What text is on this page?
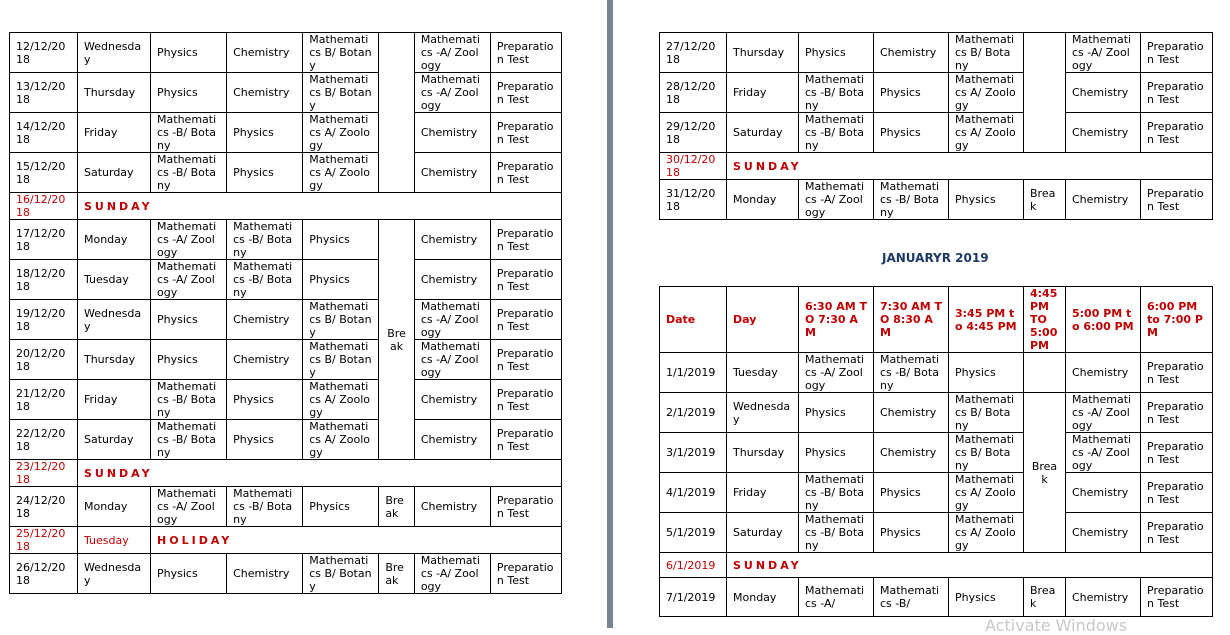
12/12/2018	Wednesday	Physics	Chemistry	Mathematics B/ Botany		Mathematics -A/ Zoology	Preparation Test
13/12/2018	Thursday	Physics	Chemistry	Mathematics B/ Botany		Mathematics -A/ Zoology	Preparation Test
14/12/2018	Friday	Mathematics -B/ Botany	Physics	Mathematics A/ Zoology		Chemistry	Preparation Test
15/12/2018	Saturday	Mathematics -B/ Botany	Physics	Mathematics A/ Zoology		Chemistry	Preparation Test
16/12/2018	SUNDAY						
17/12/2018	Monday	Mathematics -A/ Zoology	Mathematics -B/ Botany	Physics	Break	Chemistry	Preparation Test
18/12/2018	Tuesday	Mathematics -A/ Zoology	Mathematics -B/ Botany	Physics		Chemistry	Preparation Test
19/12/2018	Wednesday	Physics	Chemistry	Mathematics B/ Botany		Mathematics -A/ Zoology	Preparation Test
20/12/2018	Thursday	Physics	Chemistry	Mathematics B/ Botany		Mathematics -A/ Zoology	Preparation Test
21/12/2018	Friday	Mathematics -B/ Botany	Physics	Mathematics A/ Zoology		Chemistry	Preparation Test
22/12/2018	Saturday	Mathematics -B/ Botany	Physics	Mathematics A/ Zoology		Chemistry	Preparation Test
23/12/2018	SUNDAY						
24/12/2018	Monday	Mathematics -A/ Zoology	Mathematics -B/ Botany	Physics	Break	Chemistry	Preparation Test
25/12/2018	Tuesday	HOLIDAY					
26/12/2018	Wednesday	Physics	Chemistry	Mathematics B/ Botany	Break	Mathematics -A/ Zoology	Preparation Test
27/12/2018	Thursday	Physics	Chemistry	Mathematics B/ Botany		Mathematics -A/ Zoology	Preparation Test
28/12/2018	Friday	Mathematics -B/ Botany	Physics	Mathematics A/ Zoology		Chemistry	Preparation Test
29/12/2018	Saturday	Mathematics -B/ Botany	Physics	Mathematics A/ Zoology		Chemistry	Preparation Test
30/12/2018	SUNDAY						
31/12/2018	Monday	Mathematics -A/ Zoology	Mathematics -B/ Botany	Physics	Break	Chemistry	Preparation Test
JANUARYR 2019
Date	Day	6:30 AM TO 7:30 AM	7:30 AM TO 8:30 AM	3:45 PM to 4:45 PM	4:45 PM TO 5:00 PM	5:00 PM to 6:00 PM	6:00 PM to 7:00 PM
1/1/2019	Tuesday	Mathematics -A/ Zoology	Mathematics -B/ Botany	Physics		Chemistry	Preparation Test
2/1/2019	Wednesday	Physics	Chemistry	Mathematics B/ Botany	Break	Mathematics -A/ Zoology	Preparation Test
3/1/2019	Thursday	Physics	Chemistry	Mathematics B/ Botany		Mathematics -A/ Zoology	Preparation Test
4/1/2019	Friday	Mathematics -B/ Botany	Physics	Mathematics A/ Zoology		Chemistry	Preparation Test
5/1/2019	Saturday	Mathematics -B/ Botany	Physics	Mathematics A/ Zoology		Chemistry	Preparation Test
6/1/2019	SUNDAY						
7/1/2019	Monday	Mathematics -A/	Mathematics -B/	Physics	Break	Chemistry	Preparation Test
Activate Windows
